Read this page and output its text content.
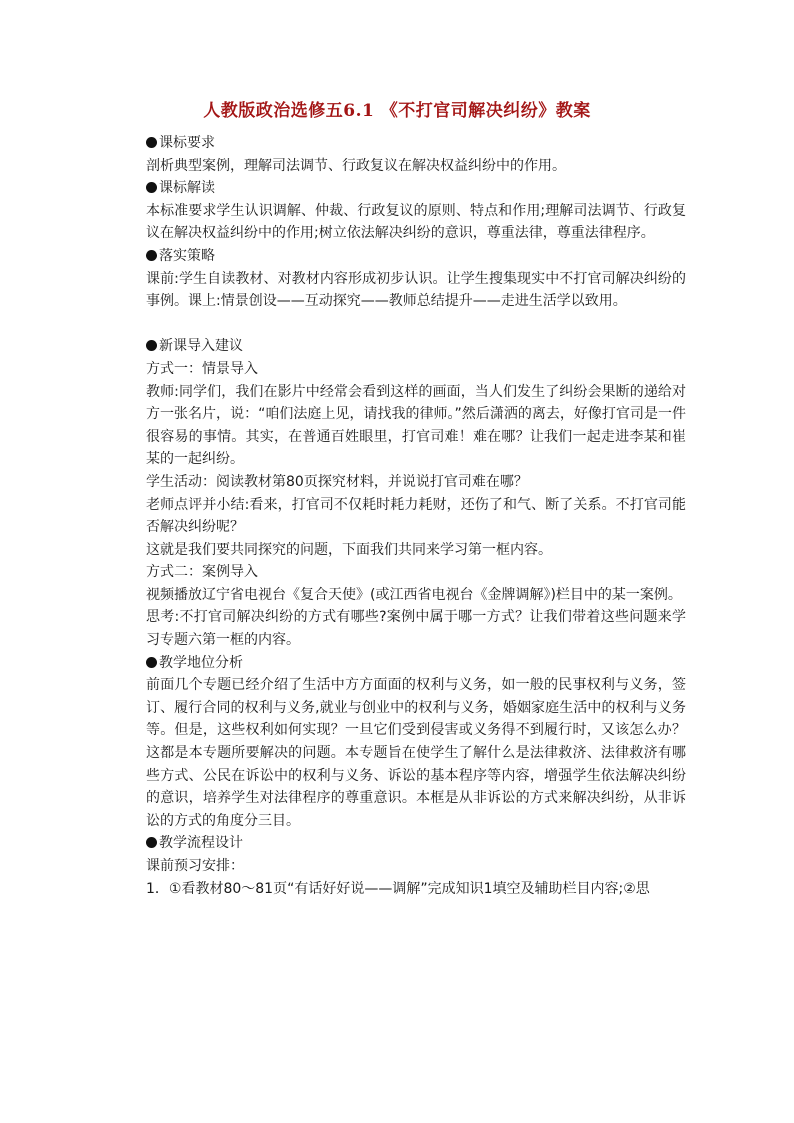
人教版政治选修五6.1 《不打官司解决纠纷》教案

课标要求

剖析典型案例，理解司法调节、行政复议在解决权益纠纷中的作用。

课标解读

本标准要求学生认识调解、仲裁、行政复议的原则、特点和作用;理解司法调节、行政复议在解决权益纠纷中的作用;树立依法解决纠纷的意识，尊重法律，尊重法律程序。

落实策略

课前:学生自读教材、对教材内容形成初步认识。让学生搜集现实中不打官司解决纠纷的事例。课上:情景创设——互动探究——教师总结提升——走进生活学以致用。

新课导入建议

方式一：情景导入

教师:同学们，我们在影片中经常会看到这样的画面，当人们发生了纠纷会果断的递给对方一张名片，说：“咱们法庭上见，请找我的律师。”然后潇洒的离去，好像打官司是一件很容易的事情。其实，在普通百姓眼里，打官司难！难在哪？让我们一起走进李某和崔某的一起纠纷。

学生活动：阅读教材第80页探究材料，并说说打官司难在哪？

老师点评并小结:看来，打官司不仅耗时耗力耗财，还伤了和气、断了关系。不打官司能否解决纠纷呢？

这就是我们要共同探究的问题，下面我们共同来学习第一框内容。

方式二：案例导入

视频播放辽宁省电视台《复合天使》(或江西省电视台《金牌调解》)栏目中的某一案例。

思考:不打官司解决纠纷的方式有哪些?案例中属于哪一方式？让我们带着这些问题来学习专题六第一框的内容。

教学地位分析

前面几个专题已经介绍了生活中方方面面的权利与义务，如一般的民事权利与义务，签订、履行合同的权利与义务,就业与创业中的权利与义务，婚姻家庭生活中的权利与义务等。但是，这些权利如何实现？一旦它们受到侵害或义务得不到履行时，又该怎么办？这都是本专题所要解决的问题。本专题旨在使学生了解什么是法律救济、法律救济有哪些方式、公民在诉讼中的权利与义务、诉讼的基本程序等内容，增强学生依法解决纠纷的意识，培养学生对法律程序的尊重意识。本框是从非诉讼的方式来解决纠纷，从非诉讼的方式的角度分三目。

教学流程设计

课前预习安排：

1．①看教材80～81页“有话好好说——调解”完成知识1填空及辅助栏目内容;②思
